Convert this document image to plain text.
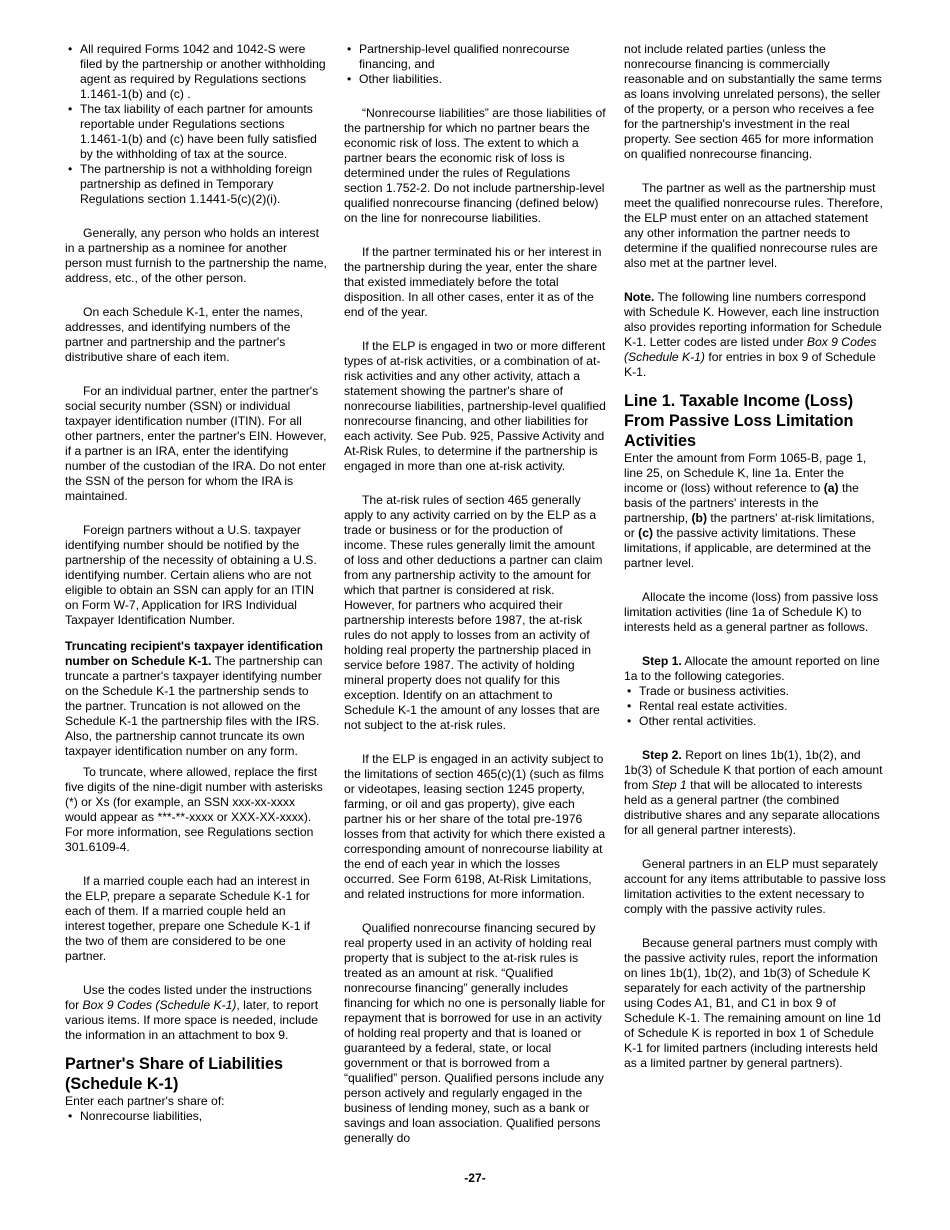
• All required Forms 1042 and 1042-S were filed by the partnership or another withholding agent as required by Regulations sections 1.1461-1(b) and (c) .

• The tax liability of each partner for amounts reportable under Regulations sections 1.1461-1(b) and (c) have been fully satisfied by the withholding of tax at the source.

• The partnership is not a withholding foreign partnership as defined in Temporary Regulations section 1.1441-5(c)(2)(i).

Generally, any person who holds an interest in a partnership as a nominee for another person must furnish to the partnership the name, address, etc., of the other person.

On each Schedule K-1, enter the names, addresses, and identifying numbers of the partner and partnership and the partner's distributive share of each item.

For an individual partner, enter the partner's social security number (SSN) or individual taxpayer identification number (ITIN). For all other partners, enter the partner's EIN. However, if a partner is an IRA, enter the identifying number of the custodian of the IRA. Do not enter the SSN of the person for whom the IRA is maintained.

Foreign partners without a U.S. taxpayer identifying number should be notified by the partnership of the necessity of obtaining a U.S. identifying number. Certain aliens who are not eligible to obtain an SSN can apply for an ITIN on Form W-7, Application for IRS Individual Taxpayer Identification Number.

Truncating recipient's taxpayer identification number on Schedule K-1. The partnership can truncate a partner's taxpayer identifying number on the Schedule K-1 the partnership sends to the partner. Truncation is not allowed on the Schedule K-1 the partnership files with the IRS. Also, the partnership cannot truncate its own taxpayer identification number on any form.

To truncate, where allowed, replace the first five digits of the nine-digit number with asterisks (*) or Xs (for example, an SSN xxx-xx-xxxx would appear as ***-**-xxxx or XXX-XX-xxxx). For more information, see Regulations section 301.6109-4.

If a married couple each had an interest in the ELP, prepare a separate Schedule K-1 for each of them. If a married couple held an interest together, prepare one Schedule K-1 if the two of them are considered to be one partner.

Use the codes listed under the instructions for Box 9 Codes (Schedule K-1), later, to report various items. If more space is needed, include the information in an attachment to box 9.

Partner's Share of Liabilities (Schedule K-1)

Enter each partner's share of:

• Nonrecourse liabilities,

• Partnership-level qualified nonrecourse financing, and

• Other liabilities.

“Nonrecourse liabilities” are those liabilities of the partnership for which no partner bears the economic risk of loss. The extent to which a partner bears the economic risk of loss is determined under the rules of Regulations section 1.752-2. Do not include partnership-level qualified nonrecourse financing (defined below) on the line for nonrecourse liabilities.

If the partner terminated his or her interest in the partnership during the year, enter the share that existed immediately before the total disposition. In all other cases, enter it as of the end of the year.

If the ELP is engaged in two or more different types of at-risk activities, or a combination of at-risk activities and any other activity, attach a statement showing the partner's share of nonrecourse liabilities, partnership-level qualified nonrecourse financing, and other liabilities for each activity. See Pub. 925, Passive Activity and At-Risk Rules, to determine if the partnership is engaged in more than one at-risk activity.

The at-risk rules of section 465 generally apply to any activity carried on by the ELP as a trade or business or for the production of income. These rules generally limit the amount of loss and other deductions a partner can claim from any partnership activity to the amount for which that partner is considered at risk. However, for partners who acquired their partnership interests before 1987, the at-risk rules do not apply to losses from an activity of holding real property the partnership placed in service before 1987. The activity of holding mineral property does not qualify for this exception. Identify on an attachment to Schedule K-1 the amount of any losses that are not subject to the at-risk rules.

If the ELP is engaged in an activity subject to the limitations of section 465(c)(1) (such as films or videotapes, leasing section 1245 property, farming, or oil and gas property), give each partner his or her share of the total pre-1976 losses from that activity for which there existed a corresponding amount of nonrecourse liability at the end of each year in which the losses occurred. See Form 6198, At-Risk Limitations, and related instructions for more information.

Qualified nonrecourse financing secured by real property used in an activity of holding real property that is subject to the at-risk rules is treated as an amount at risk. “Qualified nonrecourse financing” generally includes financing for which no one is personally liable for repayment that is borrowed for use in an activity of holding real property and that is loaned or guaranteed by a federal, state, or local government or that is borrowed from a “qualified” person. Qualified persons include any person actively and regularly engaged in the business of lending money, such as a bank or savings and loan association. Qualified persons generally do

not include related parties (unless the nonrecourse financing is commercially reasonable and on substantially the same terms as loans involving unrelated persons), the seller of the property, or a person who receives a fee for the partnership's investment in the real property. See section 465 for more information on qualified nonrecourse financing.

The partner as well as the partnership must meet the qualified nonrecourse rules. Therefore, the ELP must enter on an attached statement any other information the partner needs to determine if the qualified nonrecourse rules are also met at the partner level.

Note. The following line numbers correspond with Schedule K. However, each line instruction also provides reporting information for Schedule K-1. Letter codes are listed under Box 9 Codes (Schedule K-1) for entries in box 9 of Schedule K-1.

Line 1. Taxable Income (Loss) From Passive Loss Limitation Activities

Enter the amount from Form 1065-B, page 1, line 25, on Schedule K, line 1a. Enter the income or (loss) without reference to (a) the basis of the partners' interests in the partnership, (b) the partners' at-risk limitations, or (c) the passive activity limitations. These limitations, if applicable, are determined at the partner level.

Allocate the income (loss) from passive loss limitation activities (line 1a of Schedule K) to interests held as a general partner as follows.

Step 1. Allocate the amount reported on line 1a to the following categories.

• Trade or business activities.

• Rental real estate activities.

• Other rental activities.

Step 2. Report on lines 1b(1), 1b(2), and 1b(3) of Schedule K that portion of each amount from Step 1 that will be allocated to interests held as a general partner (the combined distributive shares and any separate allocations for all general partner interests).

General partners in an ELP must separately account for any items attributable to passive loss limitation activities to the extent necessary to comply with the passive activity rules.

Because general partners must comply with the passive activity rules, report the information on lines 1b(1), 1b(2), and 1b(3) of Schedule K separately for each activity of the partnership using Codes A1, B1, and C1 in box 9 of Schedule K-1. The remaining amount on line 1d of Schedule K is reported in box 1 of Schedule K-1 for limited partners (including interests held as a limited partner by general partners).

-27-
